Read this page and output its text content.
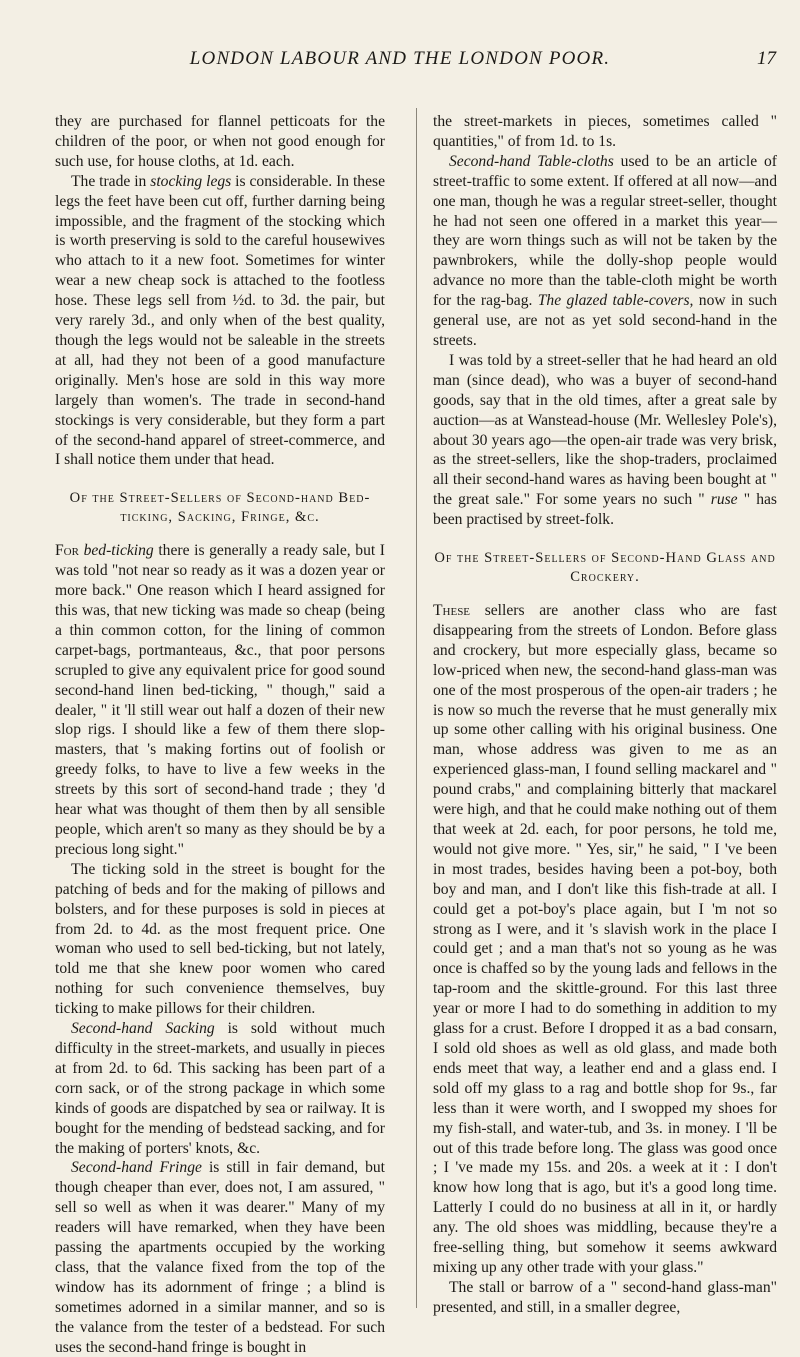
LONDON LABOUR AND THE LONDON POOR.	17

they are purchased for flannel petticoats for the children of the poor, or when not good enough for such use, for house cloths, at 1d. each.

The trade in stocking legs is considerable. In these legs the feet have been cut off, further darning being impossible, and the fragment of the stocking which is worth preserving is sold to the careful housewives who attach to it a new foot. Sometimes for winter wear a new cheap sock is attached to the footless hose. These legs sell from ½d. to 3d. the pair, but very rarely 3d., and only when of the best quality, though the legs would not be saleable in the streets at all, had they not been of a good manufacture originally. Men's hose are sold in this way more largely than women's. The trade in second-hand stockings is very considerable, but they form a part of the second-hand apparel of street-commerce, and I shall notice them under that head.

Of the Street-Sellers of Second-hand Bed-ticking, Sacking, Fringe, &c.

For bed-ticking there is generally a ready sale, but I was told "not near so ready as it was a dozen year or more back." One reason which I heard assigned for this was, that new ticking was made so cheap (being a thin common cotton, for the lining of common carpet-bags, portmanteaus, &c., that poor persons scrupled to give any equivalent price for good sound second-hand linen bed-ticking, " though," said a dealer, " it 'll still wear out half a dozen of their new slop rigs. I should like a few of them there slop-masters, that 's making fortins out of foolish or greedy folks, to have to live a few weeks in the streets by this sort of second-hand trade ; they 'd hear what was thought of them then by all sensible people, which aren't so many as they should be by a precious long sight."

The ticking sold in the street is bought for the patching of beds and for the making of pillows and bolsters, and for these purposes is sold in pieces at from 2d. to 4d. as the most frequent price. One woman who used to sell bed-ticking, but not lately, told me that she knew poor women who cared nothing for such convenience themselves, buy ticking to make pillows for their children.

Second-hand Sacking is sold without much difficulty in the street-markets, and usually in pieces at from 2d. to 6d. This sacking has been part of a corn sack, or of the strong package in which some kinds of goods are dispatched by sea or railway. It is bought for the mending of bedstead sacking, and for the making of porters' knots, &c.

Second-hand Fringe is still in fair demand, but though cheaper than ever, does not, I am assured, " sell so well as when it was dearer." Many of my readers will have remarked, when they have been passing the apartments occupied by the working class, that the valance fixed from the top of the window has its adornment of fringe ; a blind is sometimes adorned in a similar manner, and so is the valance from the tester of a bedstead. For such uses the second-hand fringe is bought in

the street-markets in pieces, sometimes called " quantities," of from 1d. to 1s.

Second-hand Table-cloths used to be an article of street-traffic to some extent. If offered at all now—and one man, though he was a regular street-seller, thought he had not seen one offered in a market this year—they are worn things such as will not be taken by the pawnbrokers, while the dolly-shop people would advance no more than the table-cloth might be worth for the rag-bag. The glazed table-covers, now in such general use, are not as yet sold second-hand in the streets.

I was told by a street-seller that he had heard an old man (since dead), who was a buyer of second-hand goods, say that in the old times, after a great sale by auction—as at Wanstead-house (Mr. Wellesley Pole's), about 30 years ago—the open-air trade was very brisk, as the street-sellers, like the shop-traders, proclaimed all their second-hand wares as having been bought at " the great sale." For some years no such " ruse " has been practised by street-folk.

Of the Street-Sellers of Second-Hand Glass and Crockery.

These sellers are another class who are fast disappearing from the streets of London. Before glass and crockery, but more especially glass, became so low-priced when new, the second-hand glass-man was one of the most prosperous of the open-air traders ; he is now so much the reverse that he must generally mix up some other calling with his original business. One man, whose address was given to me as an experienced glass-man, I found selling mackarel and " pound crabs," and complaining bitterly that mackarel were high, and that he could make nothing out of them that week at 2d. each, for poor persons, he told me, would not give more. " Yes, sir," he said, " I 've been in most trades, besides having been a pot-boy, both boy and man, and I don't like this fish-trade at all. I could get a pot-boy's place again, but I 'm not so strong as I were, and it 's slavish work in the place I could get ; and a man that's not so young as he was once is chaffed so by the young lads and fellows in the tap-room and the skittle-ground. For this last three year or more I had to do something in addition to my glass for a crust. Before I dropped it as a bad consarn, I sold old shoes as well as old glass, and made both ends meet that way, a leather end and a glass end. I sold off my glass to a rag and bottle shop for 9s., far less than it were worth, and I swopped my shoes for my fish-stall, and water-tub, and 3s. in money. I 'll be out of this trade before long. The glass was good once ; I 've made my 15s. and 20s. a week at it : I don't know how long that is ago, but it's a good long time. Latterly I could do no business at all in it, or hardly any. The old shoes was middling, because they're a free-selling thing, but somehow it seems awkward mixing up any other trade with your glass."

The stall or barrow of a " second-hand glass-man" presented, and still, in a smaller degree,
